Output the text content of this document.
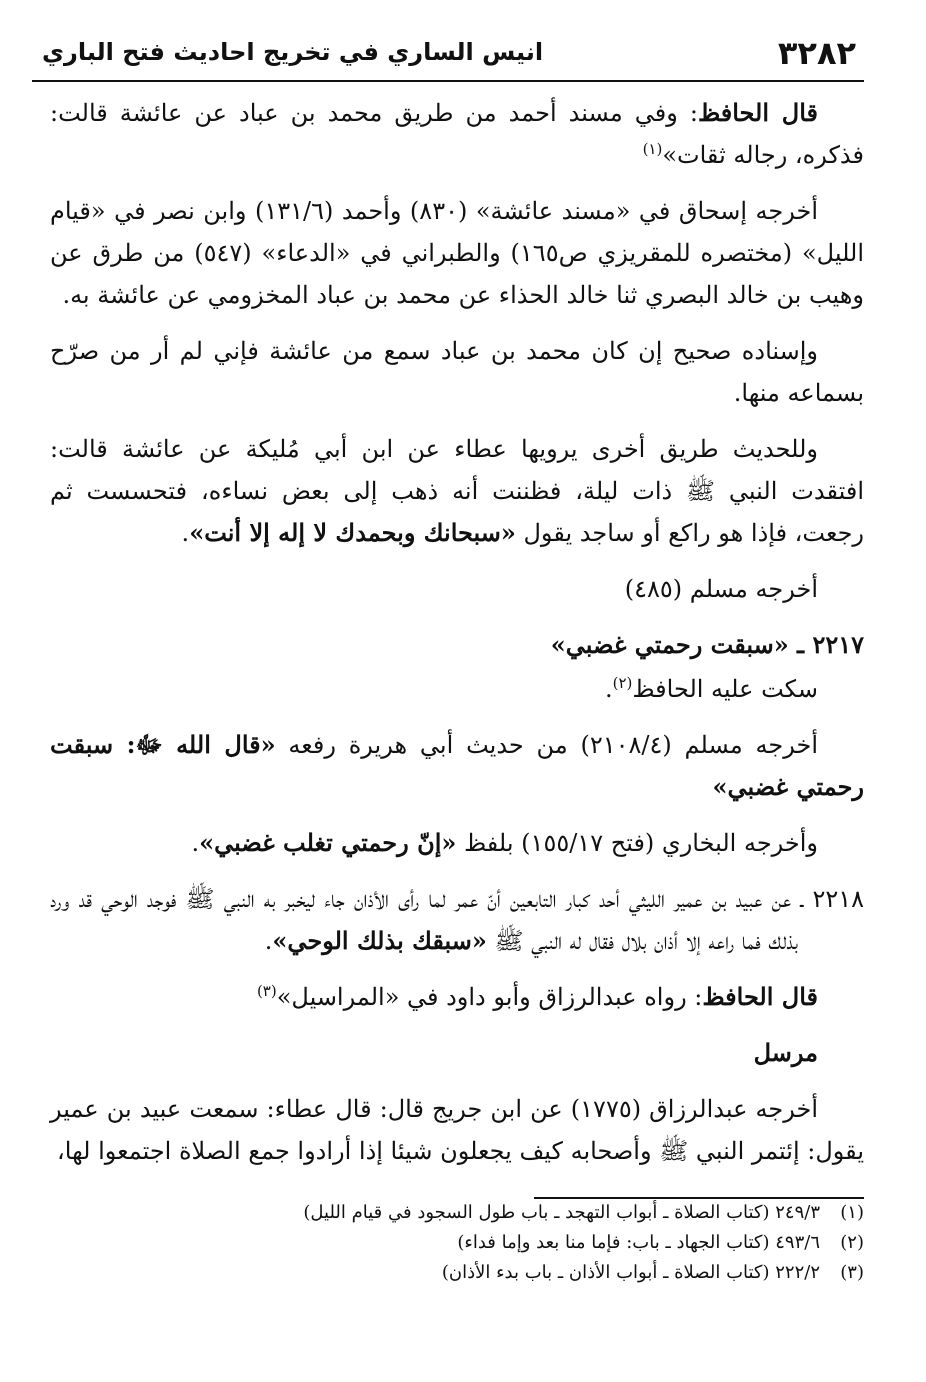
٣٢٨٢
انيس الساري في تخريج احاديث فتح الباري

قال الحافظ: وفي مسند أحمد من طريق محمد بن عباد عن عائشة قالت: فذكره، رجاله ثقات»$^{(١)}$

أخرجه إسحاق في «مسند عائشة» (٨٣٠) وأحمد (١٣١/٦) وابن نصر في «قيام الليل» (مختصره للمقريزي ص١٦٥) والطبراني في «الدعاء» (٥٤٧) من طرق عن وهيب بن خالد البصري ثنا خالد الحذاء عن محمد بن عباد المخزومي عن عائشة به.

وإسناده صحيح إن كان محمد بن عباد سمع من عائشة فإني لم أر من صرّح بسماعه منها.

وللحديث طريق أخرى يرويها عطاء عن ابن أبي مُليكة عن عائشة قالت: افتقدت النبي ﷺ ذات ليلة، فظننت أنه ذهب إلى بعض نساءه، فتحسست ثم رجعت، فإذا هو راكع أو ساجد يقول «سبحانك وبحمدك لا إله إلا أنت».

أخرجه مسلم (٤٨٥)

٢٢١٧ ـ «سبقت رحمتي غضبي»

سكت عليه الحافظ$^{(٢)}$.

أخرجه مسلم (٢١٠٨/٤) من حديث أبي هريرة رفعه «قال الله ﷻ: سبقت رحمتي غضبي»

وأخرجه البخاري (فتح ١٥٥/١٧) بلفظ «إنّ رحمتي تغلب غضبي».

٢٢١٨ ـ عن عبيد بن عمير الليثي أحد كبار التابعين أنّ عمر لما رأى الأذان جاء ليخبر به النبي ﷺ فوجد الوحي قد ورد بذلك فما راعه إلا أذان بلال فقال له النبي ﷺ «سبقك بذلك الوحي».

قال الحافظ: رواه عبدالرزاق وأبو داود في «المراسيل»$^{(٣)}$

مرسل

أخرجه عبدالرزاق (١٧٧٥) عن ابن جريج قال: قال عطاء: سمعت عبيد بن عمير يقول: إئتمر النبي ﷺ وأصحابه كيف يجعلون شيئا إذا أرادوا جمع الصلاة اجتمعوا لها،

(١)٢٤٩/٣ (كتاب الصلاة ـ أبواب التهجد ـ باب طول السجود في قيام الليل)

(٢)٤٩٣/٦ (كتاب الجهاد ـ باب: فإما منا بعد وإما فداء)

(٣)٢٢٢/٢ (كتاب الصلاة ـ أبواب الأذان ـ باب بدء الأذان)
